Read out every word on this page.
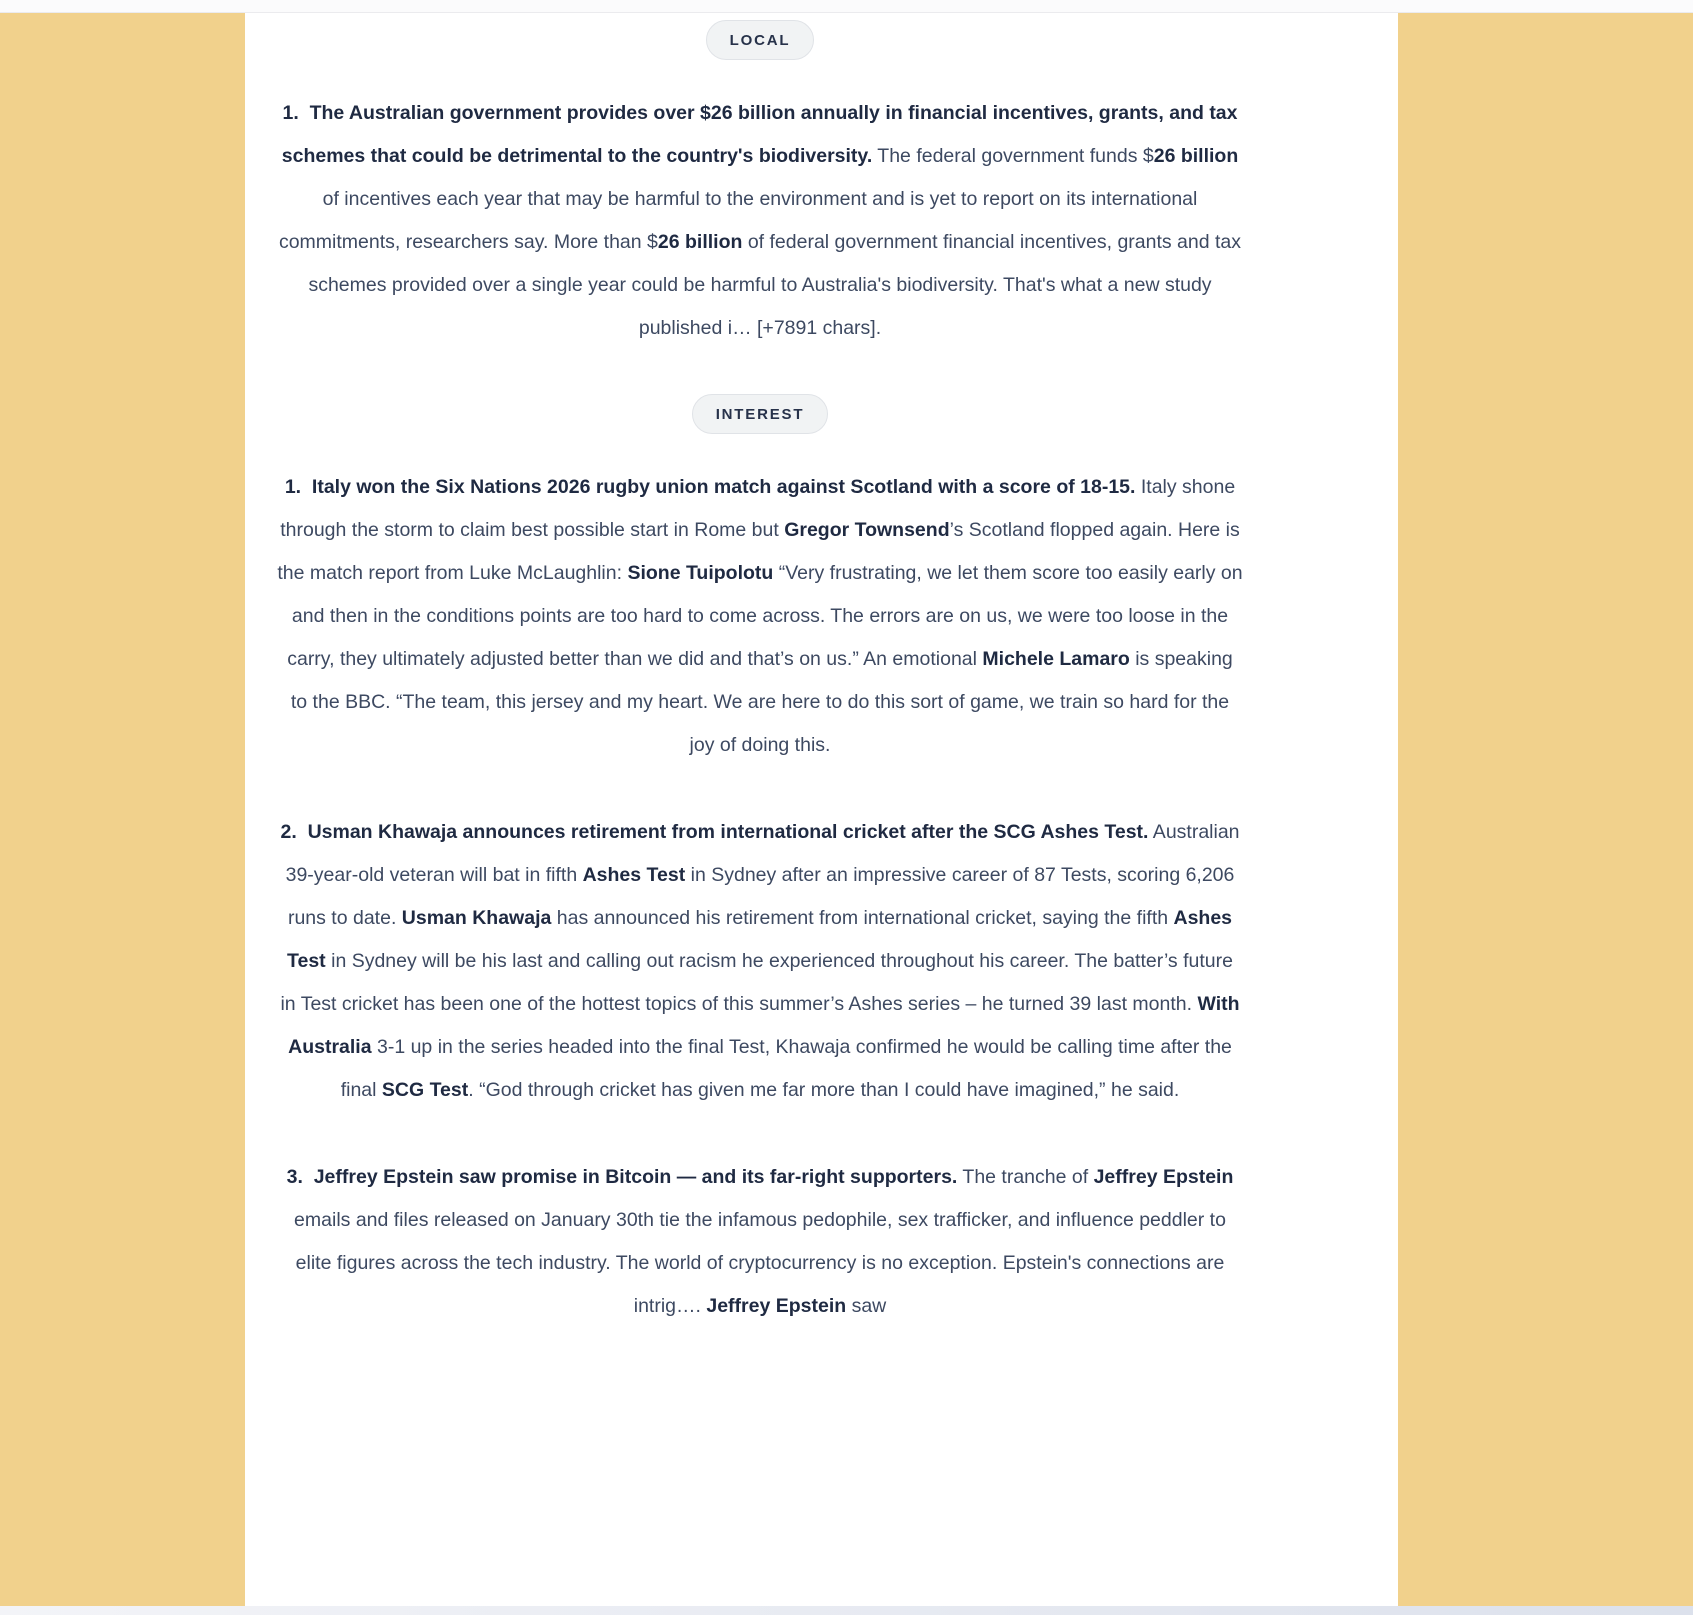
LOCAL

1.  The Australian government provides over $26 billion annually in financial incentives, grants, and tax schemes that could be detrimental to the country's biodiversity. The federal government funds $26 billion of incentives each year that may be harmful to the environment and is yet to report on its international commitments, researchers say. More than $26 billion of federal government financial incentives, grants and tax schemes provided over a single year could be harmful to Australia's biodiversity. That's what a new study published i… [+7891 chars].

INTEREST

1.  Italy won the Six Nations 2026 rugby union match against Scotland with a score of 18-15. Italy shone through the storm to claim best possible start in Rome but Gregor Townsend’s Scotland flopped again. Here is the match report from Luke McLaughlin: Sione Tuipolotu “Very frustrating, we let them score too easily early on and then in the conditions points are too hard to come across. The errors are on us, we were too loose in the carry, they ultimately adjusted better than we did and that’s on us.” An emotional Michele Lamaro is speaking to the BBC. “The team, this jersey and my heart. We are here to do this sort of game, we train so hard for the joy of doing this.

2.  Usman Khawaja announces retirement from international cricket after the SCG Ashes Test. Australian 39-year-old veteran will bat in fifth Ashes Test in Sydney after an impressive career of 87 Tests, scoring 6,206 runs to date. Usman Khawaja has announced his retirement from international cricket, saying the fifth Ashes Test in Sydney will be his last and calling out racism he experienced throughout his career. The batter’s future in Test cricket has been one of the hottest topics of this summer’s Ashes series – he turned 39 last month. With Australia 3-1 up in the series headed into the final Test, Khawaja confirmed he would be calling time after the final SCG Test. “God through cricket has given me far more than I could have imagined,” he said.

3.  Jeffrey Epstein saw promise in Bitcoin — and its far-right supporters. The tranche of Jeffrey Epstein emails and files released on January 30th tie the infamous pedophile, sex trafficker, and influence peddler to elite figures across the tech industry. The world of cryptocurrency is no exception. Epstein's connections are intrig…. Jeffrey Epstein saw
